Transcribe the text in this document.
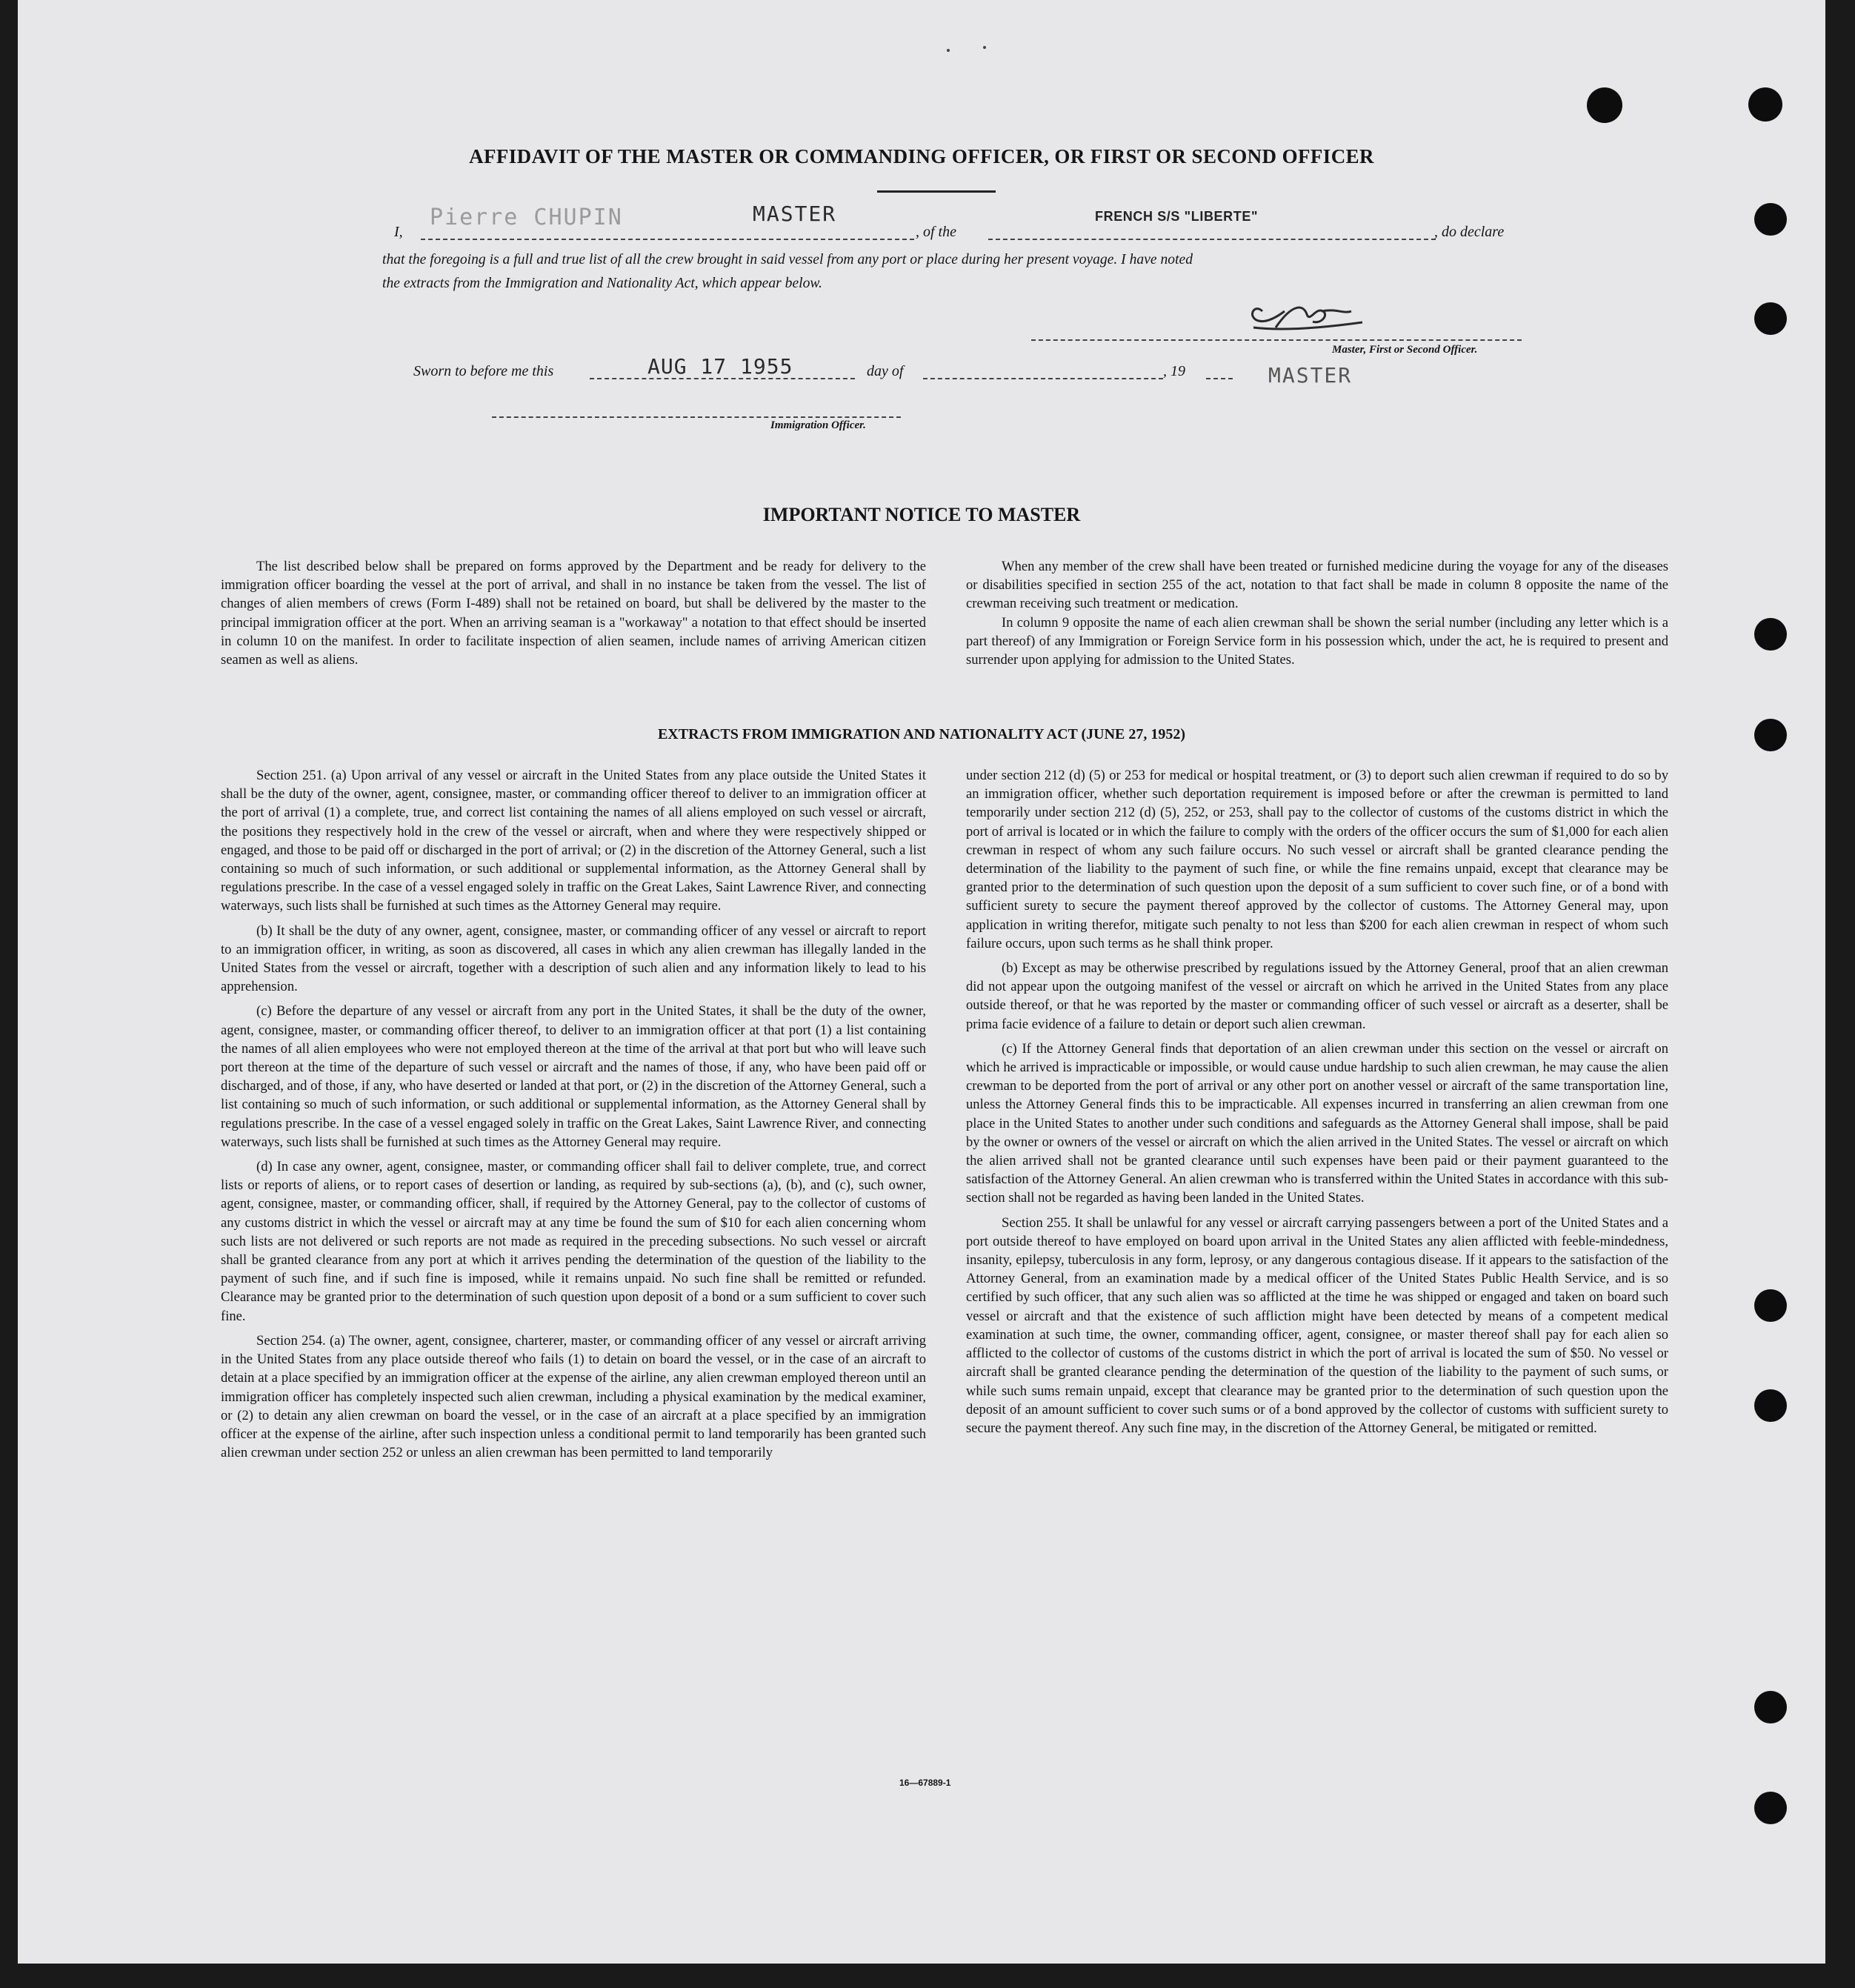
AFFIDAVIT OF THE MASTER OR COMMANDING OFFICER, OR FIRST OR SECOND OFFICER
I,
Pierre CHUPIN	MASTER
, of the
FRENCH S/S "LIBERTE"
, do declare
that the foregoing is a full and true list of all the crew brought in said vessel from any port or place during her present voyage. I have noted
the extracts from the Immigration and Nationality Act, which appear below.
Master, First or Second Officer.
MASTER
Sworn to before me this	AUG 17 1955	day of	, 19
Immigration Officer.
IMPORTANT NOTICE TO MASTER

The list described below shall be prepared on forms approved by the Department and be ready for delivery to the immigration officer boarding the vessel at the port of arrival, and shall in no instance be taken from the vessel. The list of changes of alien members of crews (Form I-489) shall not be retained on board, but shall be delivered by the master to the principal immigration officer at the port. When an arriving seaman is a "workaway" a notation to that effect should be inserted in column 10 on the manifest. In order to facilitate inspection of alien seamen, include names of arriving American citizen seamen as well as aliens.

When any member of the crew shall have been treated or furnished medicine during the voyage for any of the diseases or disabilities specified in section 255 of the act, notation to that fact shall be made in column 8 opposite the name of the crewman receiving such treatment or medication.

In column 9 opposite the name of each alien crewman shall be shown the serial number (including any letter which is a part thereof) of any Immigration or Foreign Service form in his possession which, under the act, he is required to present and surrender upon applying for admission to the United States.

EXTRACTS FROM IMMIGRATION AND NATIONALITY ACT (JUNE 27, 1952)

Section 251. (a) Upon arrival of any vessel or aircraft in the United States from any place outside the United States it shall be the duty of the owner, agent, consignee, master, or commanding officer thereof to deliver to an immigration officer at the port of arrival (1) a complete, true, and correct list containing the names of all aliens employed on such vessel or aircraft, the positions they respectively hold in the crew of the vessel or aircraft, when and where they were respectively shipped or engaged, and those to be paid off or discharged in the port of arrival; or (2) in the discretion of the Attorney General, such a list containing so much of such information, or such additional or supplemental information, as the Attorney General shall by regulations prescribe. In the case of a vessel engaged solely in traffic on the Great Lakes, Saint Lawrence River, and connecting waterways, such lists shall be furnished at such times as the Attorney General may require.

(b) It shall be the duty of any owner, agent, consignee, master, or commanding officer of any vessel or aircraft to report to an immigration officer, in writing, as soon as discovered, all cases in which any alien crewman has illegally landed in the United States from the vessel or aircraft, together with a description of such alien and any information likely to lead to his apprehension.

(c) Before the departure of any vessel or aircraft from any port in the United States, it shall be the duty of the owner, agent, consignee, master, or commanding officer thereof, to deliver to an immigration officer at that port (1) a list containing the names of all alien employees who were not employed thereon at the time of the arrival at that port but who will leave such port thereon at the time of the departure of such vessel or aircraft and the names of those, if any, who have been paid off or discharged, and of those, if any, who have deserted or landed at that port, or (2) in the discretion of the Attorney General, such a list containing so much of such information, or such additional or supplemental information, as the Attorney General shall by regulations prescribe. In the case of a vessel engaged solely in traffic on the Great Lakes, Saint Lawrence River, and connecting waterways, such lists shall be furnished at such times as the Attorney General may require.

(d) In case any owner, agent, consignee, master, or commanding officer shall fail to deliver complete, true, and correct lists or reports of aliens, or to report cases of desertion or landing, as required by sub-sections (a), (b), and (c), such owner, agent, consignee, master, or commanding officer, shall, if required by the Attorney General, pay to the collector of customs of any customs district in which the vessel or aircraft may at any time be found the sum of $10 for each alien concerning whom such lists are not delivered or such reports are not made as required in the preceding subsections. No such vessel or aircraft shall be granted clearance from any port at which it arrives pending the determination of the question of the liability to the payment of such fine, and if such fine is imposed, while it remains unpaid. No such fine shall be remitted or refunded. Clearance may be granted prior to the determination of such question upon deposit of a bond or a sum sufficient to cover such fine.

Section 254. (a) The owner, agent, consignee, charterer, master, or commanding officer of any vessel or aircraft arriving in the United States from any place outside thereof who fails (1) to detain on board the vessel, or in the case of an aircraft to detain at a place specified by an immigration officer at the expense of the airline, any alien crewman employed thereon until an immigration officer has completely inspected such alien crewman, including a physical examination by the medical examiner, or (2) to detain any alien crewman on board the vessel, or in the case of an aircraft at a place specified by an immigration officer at the expense of the airline, after such inspection unless a conditional permit to land temporarily has been granted such alien crewman under section 252 or unless an alien crewman has been permitted to land temporarily

under section 212 (d) (5) or 253 for medical or hospital treatment, or (3) to deport such alien crewman if required to do so by an immigration officer, whether such deportation requirement is imposed before or after the crewman is permitted to land temporarily under section 212 (d) (5), 252, or 253, shall pay to the collector of customs of the customs district in which the port of arrival is located or in which the failure to comply with the orders of the officer occurs the sum of $1,000 for each alien crewman in respect of whom any such failure occurs. No such vessel or aircraft shall be granted clearance pending the determination of the liability to the payment of such fine, or while the fine remains unpaid, except that clearance may be granted prior to the determination of such question upon the deposit of a sum sufficient to cover such fine, or of a bond with sufficient surety to secure the payment thereof approved by the collector of customs. The Attorney General may, upon application in writing therefor, mitigate such penalty to not less than $200 for each alien crewman in respect of whom such failure occurs, upon such terms as he shall think proper.

(b) Except as may be otherwise prescribed by regulations issued by the Attorney General, proof that an alien crewman did not appear upon the outgoing manifest of the vessel or aircraft on which he arrived in the United States from any place outside thereof, or that he was reported by the master or commanding officer of such vessel or aircraft as a deserter, shall be prima facie evidence of a failure to detain or deport such alien crewman.

(c) If the Attorney General finds that deportation of an alien crewman under this section on the vessel or aircraft on which he arrived is impracticable or impossible, or would cause undue hardship to such alien crewman, he may cause the alien crewman to be deported from the port of arrival or any other port on another vessel or aircraft of the same transportation line, unless the Attorney General finds this to be impracticable. All expenses incurred in transferring an alien crewman from one place in the United States to another under such conditions and safeguards as the Attorney General shall impose, shall be paid by the owner or owners of the vessel or aircraft on which the alien arrived in the United States. The vessel or aircraft on which the alien arrived shall not be granted clearance until such expenses have been paid or their payment guaranteed to the satisfaction of the Attorney General. An alien crewman who is transferred within the United States in accordance with this sub-section shall not be regarded as having been landed in the United States.

Section 255. It shall be unlawful for any vessel or aircraft carrying passengers between a port of the United States and a port outside thereof to have employed on board upon arrival in the United States any alien afflicted with feeble-mindedness, insanity, epilepsy, tuberculosis in any form, leprosy, or any dangerous contagious disease. If it appears to the satisfaction of the Attorney General, from an examination made by a medical officer of the United States Public Health Service, and is so certified by such officer, that any such alien was so afflicted at the time he was shipped or engaged and taken on board such vessel or aircraft and that the existence of such affliction might have been detected by means of a competent medical examination at such time, the owner, commanding officer, agent, consignee, or master thereof shall pay for each alien so afflicted to the collector of customs of the customs district in which the port of arrival is located the sum of $50. No vessel or aircraft shall be granted clearance pending the determination of the question of the liability to the payment of such sums, or while such sums remain unpaid, except that clearance may be granted prior to the determination of such question upon the deposit of an amount sufficient to cover such sums or of a bond approved by the collector of customs with sufficient surety to secure the payment thereof. Any such fine may, in the discretion of the Attorney General, be mitigated or remitted.

16—67889-1
